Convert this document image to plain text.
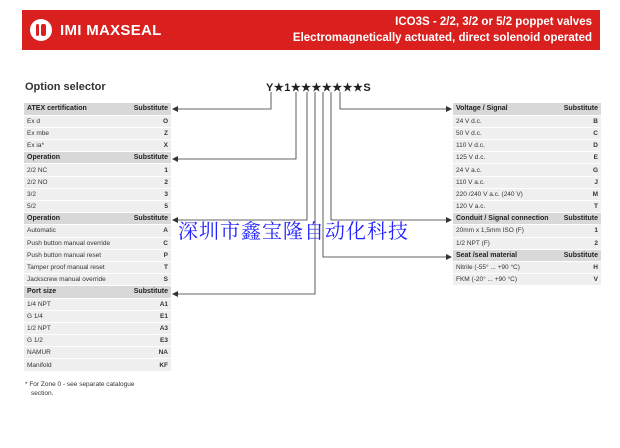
IMI MAXSEAL	ICO3S - 2/2, 3/2 or 5/2 poppet valves
Electromagnetically actuated, direct solenoid operated
Option selector	Y★1★★★★★★★S
ATEX certification	Substitute
Ex d	O
Ex mbe	Z
Ex ia*	X
Operation	Substitute
2/2 NC	1
2/2 NO	2
3/2	3
5/2	5
Operation	Substitute
Automatic	A
Push button manual override	C
Push button manual reset	P
Tamper proof manual reset	T
Jackscrew manual override	S
Port size	Substitute
1/4 NPT	A1
G 1/4	E1
1/2 NPT	A3
G 1/2	E3
NAMUR	NA
Manifold	KF
Voltage / Signal	Substitute
24 V d.c.	B
50 V d.c.	C
110 V d.c.	D
125 V d.c.	E
24 V a.c.	G
110 V a.c.	J
220 /240 V a.c. (240 V)	M
120 V a.c.	T
Conduit / Signal connection	Substitute
20mm x 1,5mm ISO (F)	1
1/2 NPT (F)	2
Seat /seal material	Substitute
Nitrile (-55° ... +90 °C)	H
FKM (-20° ... +90 °C)	V
* For Zone 0 - see separate catalogue
section.
深圳市鑫宝隆自动化科技
